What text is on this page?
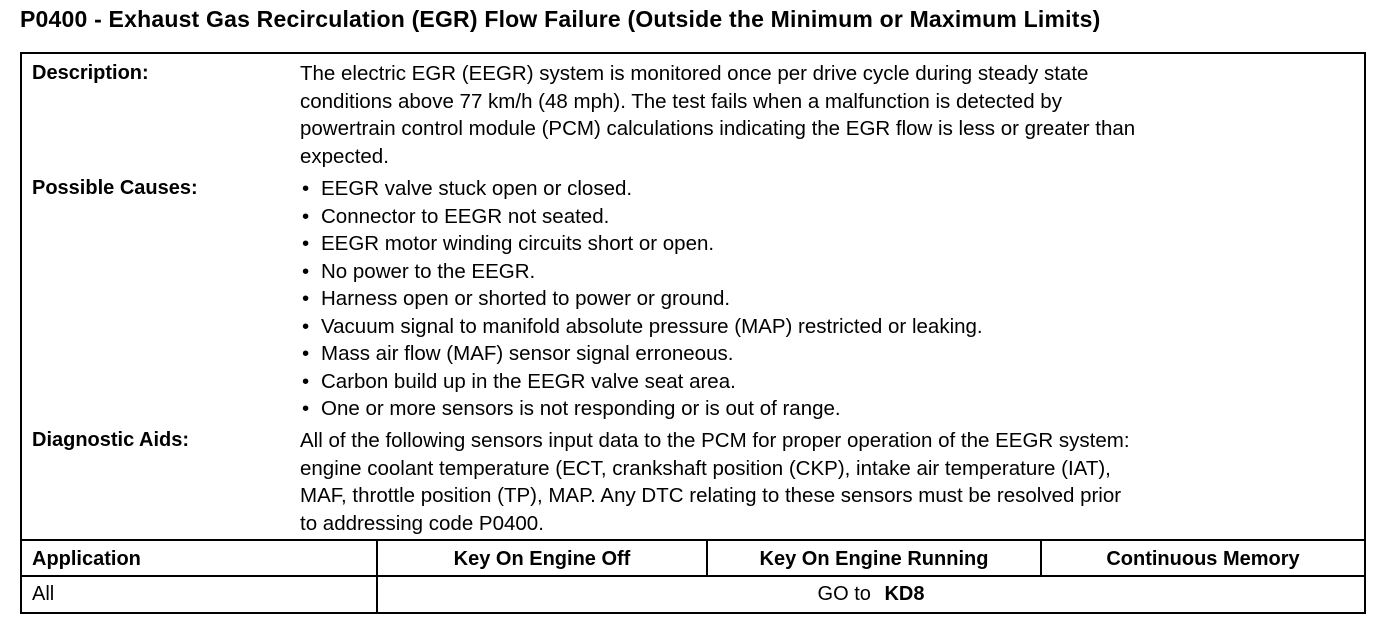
P0400 - Exhaust Gas Recirculation (EGR) Flow Failure (Outside the Minimum or Maximum Limits)
Description:	The electric EGR (EEGR) system is monitored once per drive cycle during steady state

conditions above 77 km/h (48 mph). The test fails when a malfunction is detected by

powertrain control module (PCM) calculations indicating the EGR flow is less or greater than

expected.

Possible Causes:	• EEGR valve stuck open or closed.
• Connector to EEGR not seated.
• EEGR motor winding circuits short or open.
• No power to the EEGR.
• Harness open or shorted to power or ground.
• Vacuum signal to manifold absolute pressure (MAP) restricted or leaking.
• Mass air flow (MAF) sensor signal erroneous.
• Carbon build up in the EEGR valve seat area.
• One or more sensors is not responding or is out of range.
Diagnostic Aids:	All of the following sensors input data to the PCM for proper operation of the EEGR system:

engine coolant temperature (ECT, crankshaft position (CKP), intake air temperature (IAT),

MAF, throttle position (TP), MAP. Any DTC relating to these sensors must be resolved prior

to addressing code P0400.

Application	Key On Engine Off	Key On Engine Running	Continuous Memory
All	GO to KD8
